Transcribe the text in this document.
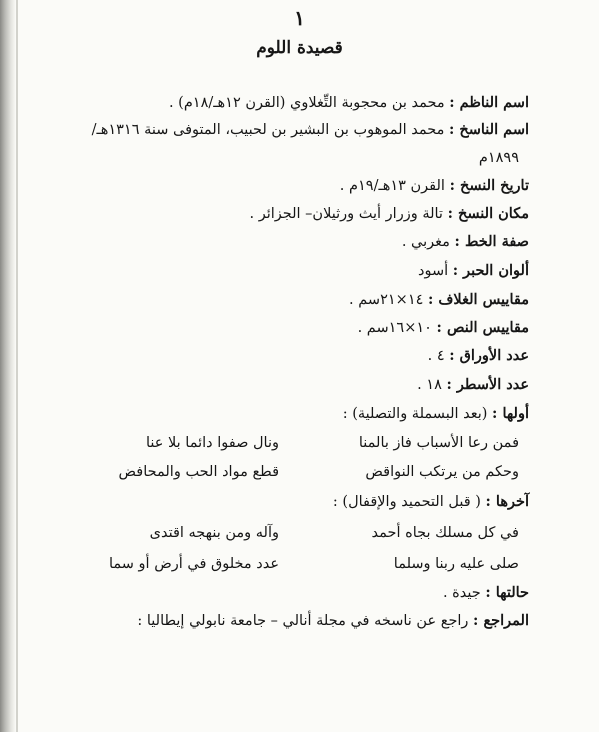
١
قصيدة اللوم
اسم الناظم : محمد بن محجوبة التِّغلاوي (القرن ١٢هـ/١٨م) .
اسم الناسخ : محمد الموهوب بن البشير بن لحبيب، المتوفى سنة ١٣١٦هـ/
١٨٩٩م
تاريخ النسخ : القرن ١٣هـ/١٩م .
مكان النسخ : تالة وزرار أيث ورثيلان– الجزائر .
صفة الخط : مغربي .
ألوان الحبر : أسود
مقاييس الغلاف : ١٤×٢١سم .
مقاييس النص : ١٠×١٦سم .
عدد الأوراق : ٤ .
عدد الأسطر : ١٨ .
أولها : (بعد البسملة والتصلية) :
فمن رعا الأسباب فاز بالمنا
ونال صفوا دائما بلا عنا
وحكم من يرتكب النواقض
قطع مواد الحب والمحافض
آخرها : ( قبل التحميد والإقفال) :
في كل مسلك بجاه أحمد
وآله ومن بنهجه اقتدى
صلى عليه ربنا وسلما
عدد مخلوق في أرض أو سما
حالتها : جيدة .
المراجع : راجع عن ناسخه في مجلة أنالي – جامعة نابولي إيطاليا :
